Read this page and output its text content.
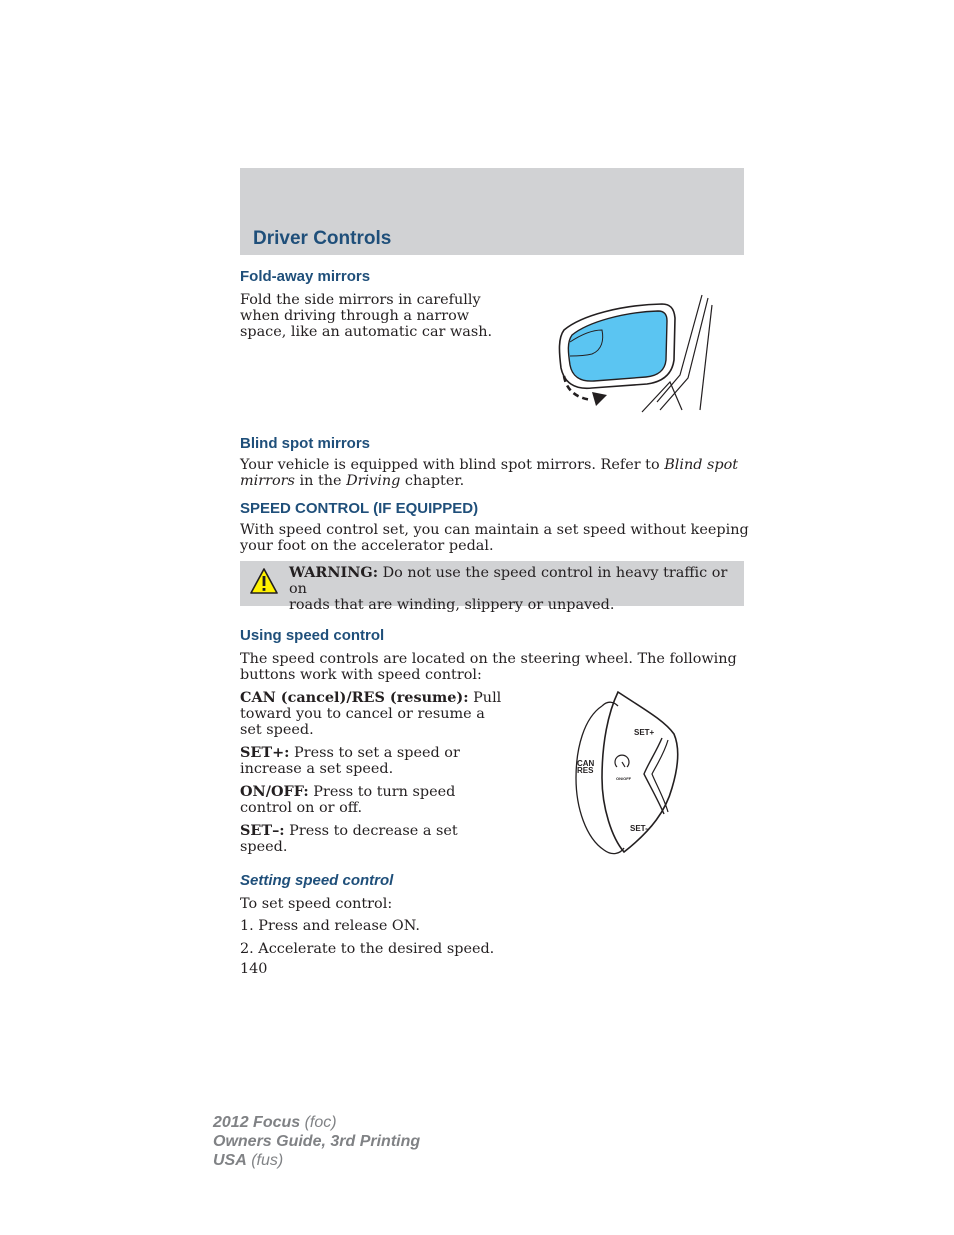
Driver Controls
Fold-away mirrors

Fold the side mirrors in carefully
when driving through a narrow
space, like an automatic car wash.

Blind spot mirrors

Your vehicle is equipped with blind spot mirrors. Refer to Blind spot
mirrors in the Driving chapter.

SPEED CONTROL (IF EQUIPPED)

With speed control set, you can maintain a set speed without keeping
your foot on the accelerator pedal.

WARNING: Do not use the speed control in heavy traffic or on
roads that are winding, slippery or unpaved.

Using speed control

The speed controls are located on the steering wheel. The following
buttons work with speed control:

CAN (cancel)/RES (resume): Pull
toward you to cancel or resume a
set speed.

SET+: Press to set a speed or
increase a set speed.

ON/OFF: Press to turn speed
control on or off.

SET–: Press to decrease a set
speed.

SET+
CAN
RES
ON/OFF
SET-
Setting speed control

To set speed control:

1. Press and release ON.

2. Accelerate to the desired speed.

140

2012 Focus (foc)
Owners Guide, 3rd Printing
USA (fus)
